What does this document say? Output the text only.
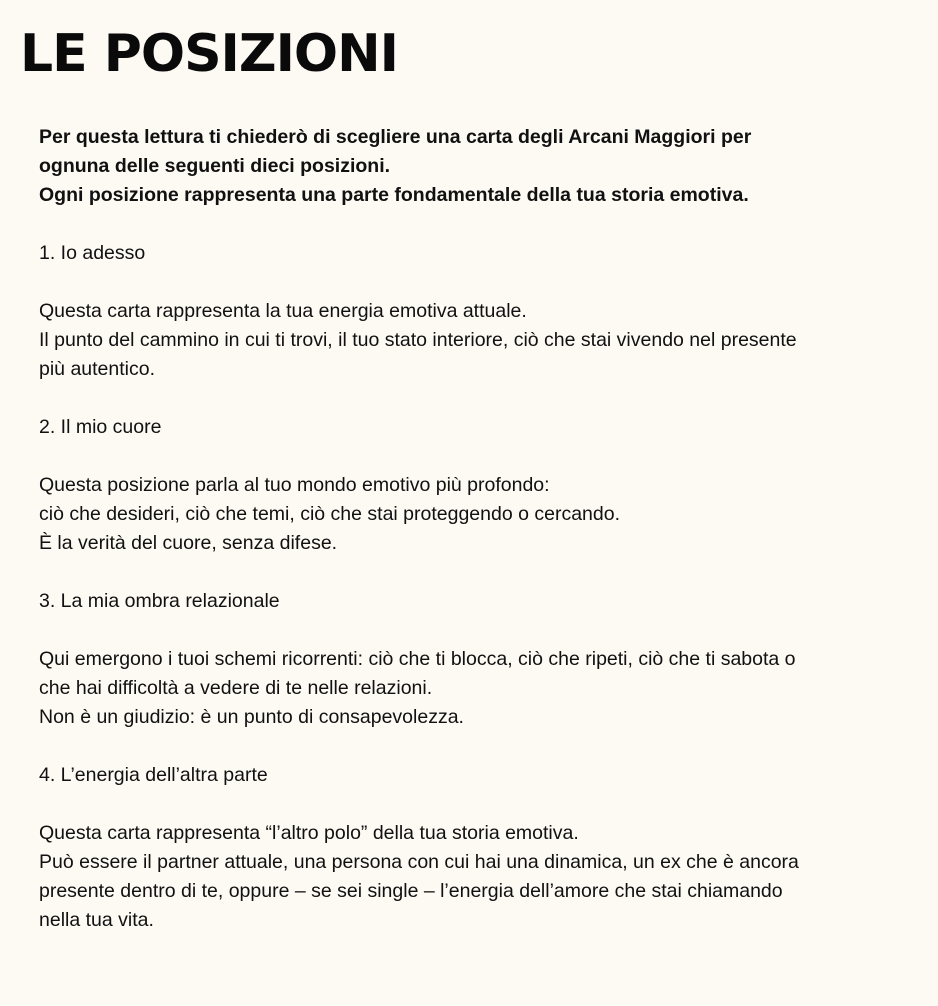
LE POSIZIONI

Per questa lettura ti chiederò di scegliere una carta degli Arcani Maggiori per
ognuna delle seguenti dieci posizioni.
Ogni posizione rappresenta una parte fondamentale della tua storia emotiva.

1. Io adesso

Questa carta rappresenta la tua energia emotiva attuale.
Il punto del cammino in cui ti trovi, il tuo stato interiore, ciò che stai vivendo nel presente
più autentico.

2. Il mio cuore

Questa posizione parla al tuo mondo emotivo più profondo:
ciò che desideri, ciò che temi, ciò che stai proteggendo o cercando.
È la verità del cuore, senza difese.

3. La mia ombra relazionale

Qui emergono i tuoi schemi ricorrenti: ciò che ti blocca, ciò che ripeti, ciò che ti sabota o
che hai difficoltà a vedere di te nelle relazioni.
Non è un giudizio: è un punto di consapevolezza.

4. L’energia dell’altra parte

Questa carta rappresenta “l’altro polo” della tua storia emotiva.
Può essere il partner attuale, una persona con cui hai una dinamica, un ex che è ancora
presente dentro di te, oppure – se sei single – l’energia dell’amore che stai chiamando
nella tua vita.
